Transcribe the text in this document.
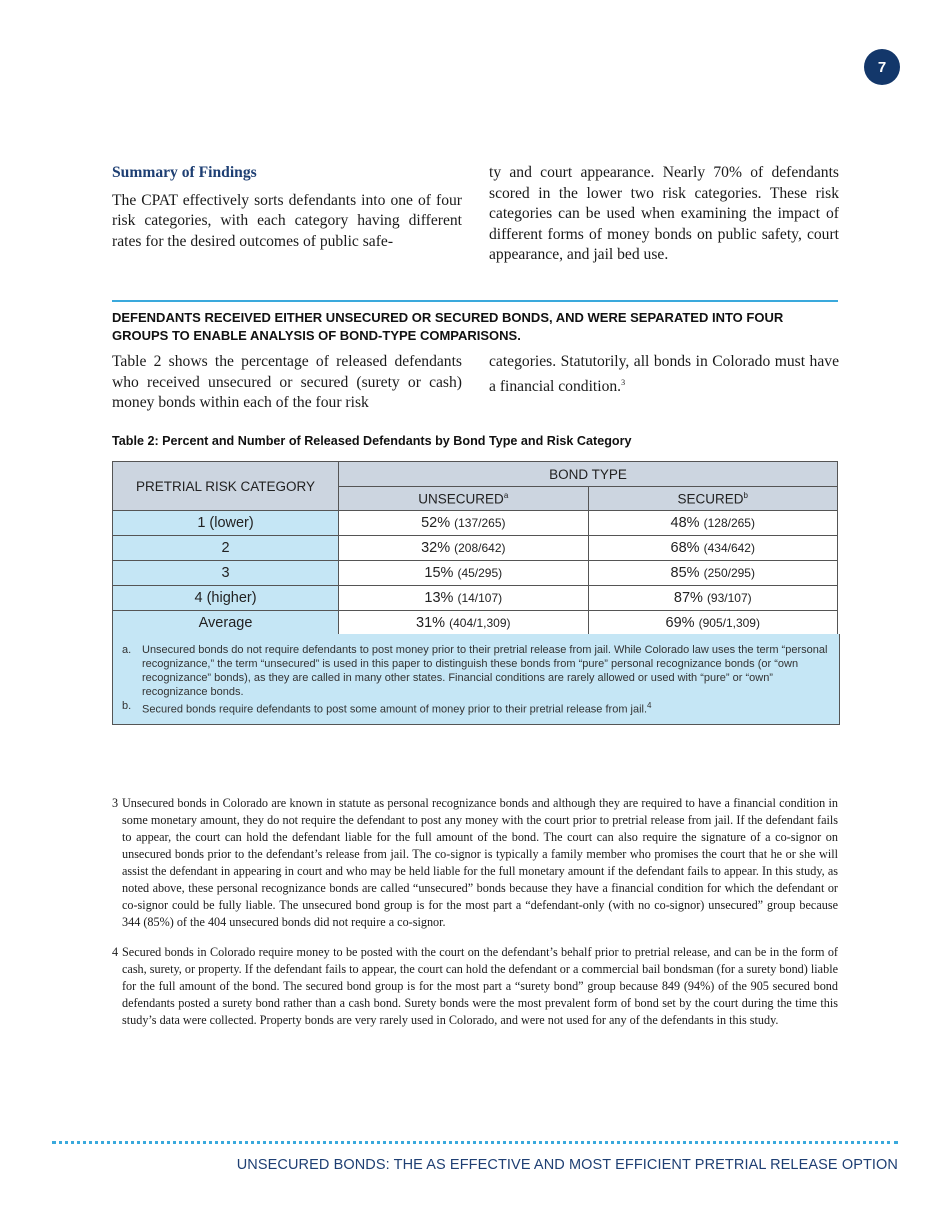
7
Summary of Findings

The CPAT effectively sorts defendants into one of four risk categories, with each category having different rates for the desired outcomes of public safe-

ty and court appearance. Nearly 70% of defendants scored in the lower two risk categories. These risk categories can be used when examining the impact of different forms of money bonds on public safety, court appearance, and jail bed use.

DEFENDANTS RECEIVED EITHER UNSECURED OR SECURED BONDS, AND WERE SEPARATED INTO FOUR GROUPS TO ENABLE ANALYSIS OF BOND-TYPE COMPARISONS.

Table 2 shows the percentage of released defendants who received unsecured or secured (surety or cash) money bonds within each of the four risk

categories. Statutorily, all bonds in Colorado must have a financial condition.$^3$

Table 2: Percent and Number of Released Defendants by Bond Type and Risk Category
PRETRIAL RISK CATEGORY	BOND TYPE	
	UNSECURED$^a$	SECURED$^b$
1 (lower)	52% (137/265)	48% (128/265)
2	32% (208/642)	68% (434/642)
3	15% (45/295)	85% (250/295)
4 (higher)	13% (14/107)	87% (93/107)
Average	31% (404/1,309)	69% (905/1,309)

a. Unsecured bonds do not require defendants to post money prior to their pretrial release from jail. While Colorado law uses the term “personal recognizance,” the term “unsecured” is used in this paper to distinguish these bonds from “pure” personal recognizance bonds (or “own recognizance” bonds), as they are called in many other states. Financial conditions are rarely allowed or used with “pure” or “own” recognizance bonds.

b. Secured bonds require defendants to post some amount of money prior to their pretrial release from jail.$^4$

3 Unsecured bonds in Colorado are known in statute as personal recognizance bonds and although they are required to have a financial condition in some monetary amount, they do not require the defendant to post any money with the court prior to pretrial release from jail. If the defendant fails to appear, the court can hold the defendant liable for the full amount of the bond. The court can also require the signature of a co-signor on unsecured bonds prior to the defendant’s release from jail. The co-signor is typically a family member who promises the court that he or she will assist the defendant in appearing in court and who may be held liable for the full monetary amount if the defendant fails to appear. In this study, as noted above, these personal recognizance bonds are called “unsecured” bonds because they have a financial condition for which the defendant or co-signor could be fully liable. The unsecured bond group is for the most part a “defendant-only (with no co-signor) unsecured” group because 344 (85%) of the 404 unsecured bonds did not require a co-signor.
4 Secured bonds in Colorado require money to be posted with the court on the defendant’s behalf prior to pretrial release, and can be in the form of cash, surety, or property. If the defendant fails to appear, the court can hold the defendant or a commercial bail bondsman (for a surety bond) liable for the full amount of the bond. The secured bond group is for the most part a “surety bond” group because 849 (94%) of the 905 secured bond defendants posted a surety bond rather than a cash bond. Surety bonds were the most prevalent form of bond set by the court during the time this study’s data were collected. Property bonds are very rarely used in Colorado, and were not used for any of the defendants in this study.
UNSECURED BONDS: THE AS EFFECTIVE AND MOST EFFICIENT PRETRIAL RELEASE OPTION
